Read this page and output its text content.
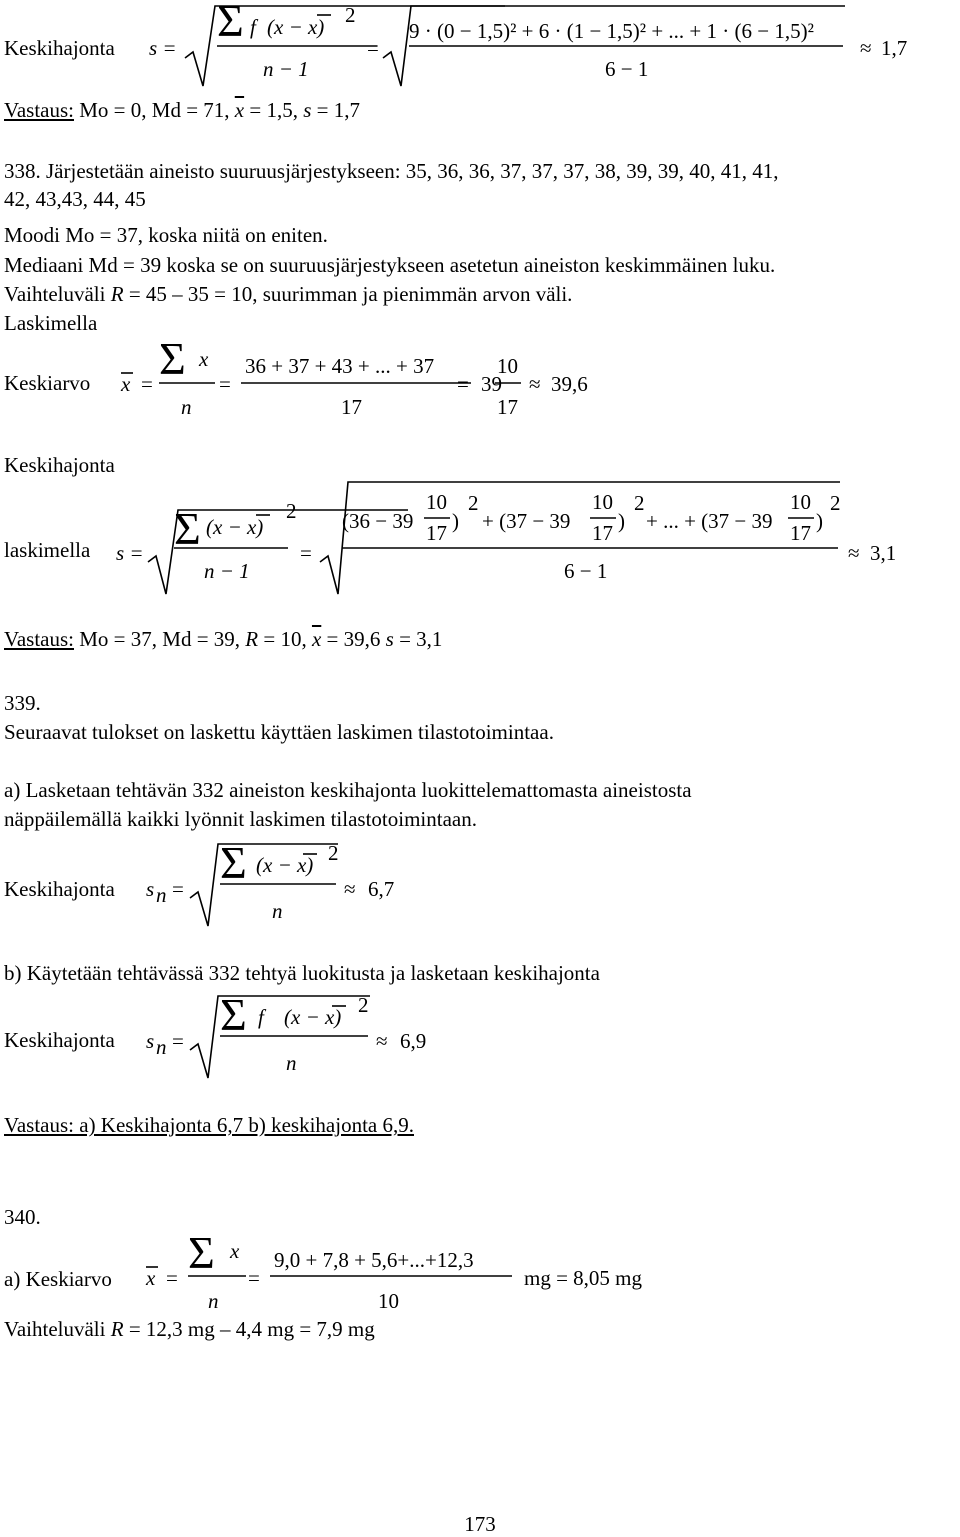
Keskihajonta s =
Σ f (x − x) 2
n − 1
=
9 · (0 − 1,5)² + 6 · (1 − 1,5)² + ... + 1 · (6 − 1,5)²
6 − 1
≈ 1,7
Vastaus: Mo = 0, Md = 71, $\overline{x} = 1,5$, s = 1,7
338. Järjestetään aineisto suuruusjärjestykseen: 35, 36, 36, 37, 37, 37, 38, 39, 39, 40, 41, 41,
42, 43,43, 44, 45
Moodi Mo = 37, koska niitä on eniten.
Mediaani Md = 39 koska se on suuruusjärjestykseen asetetun aineiston keskimmäinen luku.
Vaihteluväli R = 45 – 35 = 10, suurimman ja pienimmän arvon väli.
Laskimella
Keskiarvo x = Σ x
n
=
36 + 37 + 43 + ... + 37
17
= 39
10
17
≈ 39,6
Keskihajonta
laskimella s = Σ (x − x)
2
n − 1
=
(36 − 39
10
17 )
2
+ (37 − 39
10
17 )
2
+ ... + (37 − 39
10
17 )
2
6 − 1
≈ 3,1
Vastaus: Mo = 37, Md = 39, R = 10, $\overline{x} = 39,6$ s = 3,1
339.
Seuraavat tulokset on laskettu käyttäen laskimen tilastotoimintaa.
a) Lasketaan tehtävän 332 aineiston keskihajonta luokittelemattomasta aineistosta
näppäilemällä kaikki lyönnit laskimen tilastotoimintaan.
Keskihajonta s n =
Σ (x − x) 2
n
≈ 6,7
b) Käytetään tehtävässä 332 tehtyä luokitusta ja lasketaan keskihajonta
Keskihajonta s n =
Σ f (x − x) 2
n
≈ 6,9
Vastaus: a) Keskihajonta 6,7 b) keskihajonta 6,9.
340.
a) Keskiarvo x = Σ x
n
=
9,0 + 7,8 + 5,6+...+12,3
10
mg = 8,05 mg
Vaihteluväli R = 12,3 mg – 4,4 mg = 7,9 mg
173
